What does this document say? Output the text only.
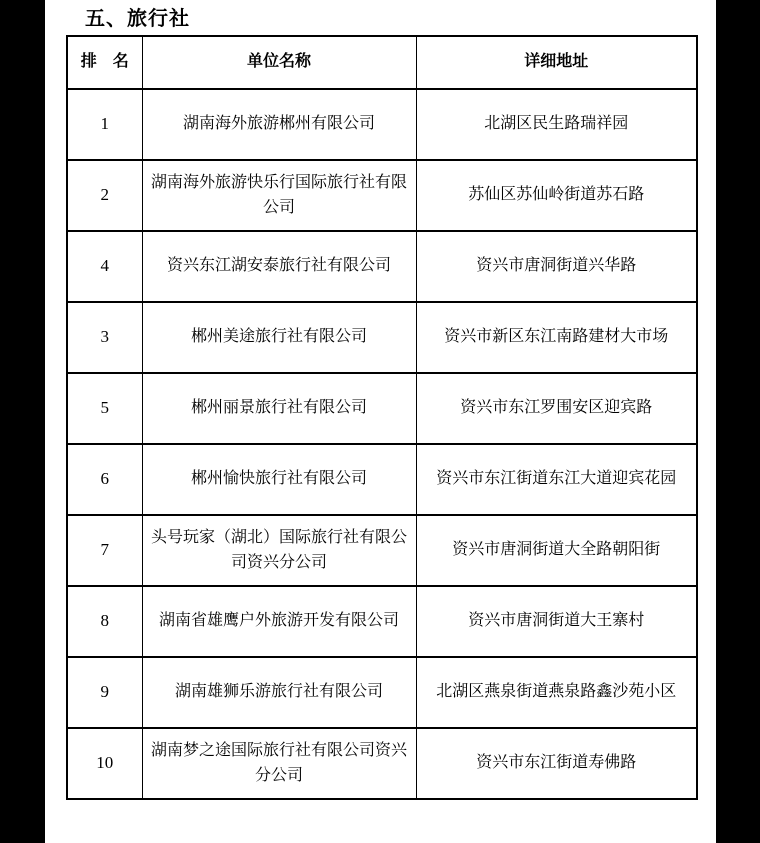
五、旅行社
排　名	单位名称	详细地址
1	湖南海外旅游郴州有限公司	北湖区民生路瑞祥园
2	湖南海外旅游快乐行国际旅行社有限公司	苏仙区苏仙岭街道苏石路
4	资兴东江湖安泰旅行社有限公司	资兴市唐洞街道兴华路
3	郴州美途旅行社有限公司	资兴市新区东江南路建材大市场
5	郴州丽景旅行社有限公司	资兴市东江罗围安区迎宾路
6	郴州愉快旅行社有限公司	资兴市东江街道东江大道迎宾花园
7	头号玩家（湖北）国际旅行社有限公司资兴分公司	资兴市唐洞街道大全路朝阳街
8	湖南省雄鹰户外旅游开发有限公司	资兴市唐洞街道大王寨村
9	湖南雄狮乐游旅行社有限公司	北湖区燕泉街道燕泉路鑫沙苑小区
10	湖南梦之途国际旅行社有限公司资兴分公司	资兴市东江街道寿佛路
